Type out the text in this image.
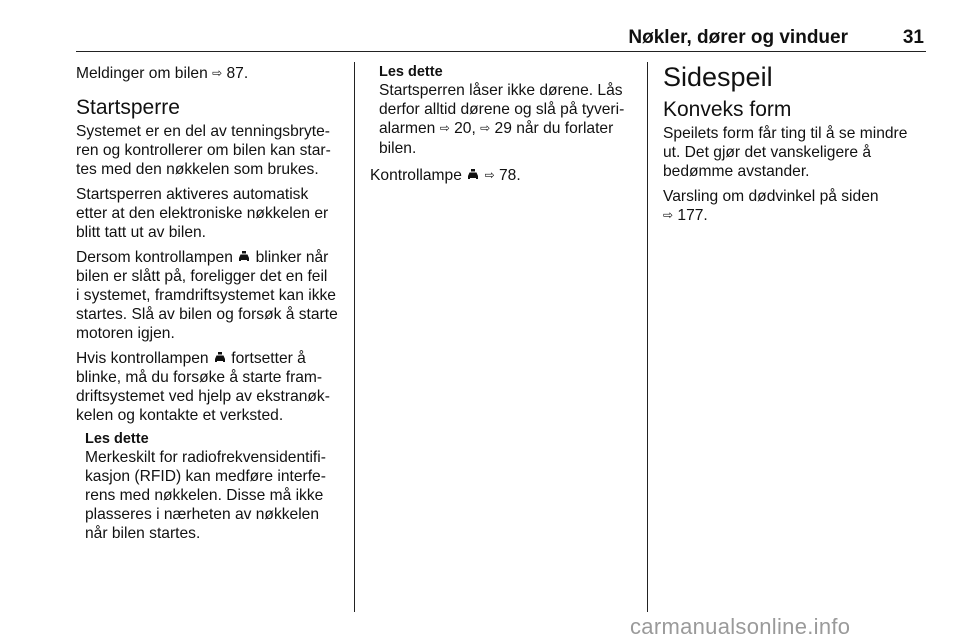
Nøkler, dører og vinduer	31
Meldinger om bilen ⇨ 87.
Startsperre
Systemet er en del av tenningsbryte-
ren og kontrollerer om bilen kan star-
tes med den nøkkelen som brukes.
Startsperren aktiveres automatisk
etter at den elektroniske nøkkelen er
blitt tatt ut av bilen.
Dersom kontrollampen blinker når
bilen er slått på, foreligger det en feil
i systemet, framdriftsystemet kan ikke
startes. Slå av bilen og forsøk å starte
motoren igjen.
Hvis kontrollampen fortsetter å
blinke, må du forsøke å starte fram-
driftsystemet ved hjelp av ekstranøk-
kelen og kontakte et verksted.
Les dette
Merkeskilt for radiofrekvensidentifi-
kasjon (RFID) kan medføre interfe-
rens med nøkkelen. Disse må ikke
plasseres i nærheten av nøkkelen
når bilen startes.
Les dette
Startsperren låser ikke dørene. Lås
derfor alltid dørene og slå på tyveri-
alarmen ⇨ 20, ⇨ 29 når du forlater
bilen.
Kontrollampe ⇨ 78.
Sidespeil
Konveks form
Speilets form får ting til å se mindre
ut. Det gjør det vanskeligere å
bedømme avstander.
Varsling om dødvinkel på siden
⇨ 177.
carmanualsonline.info
